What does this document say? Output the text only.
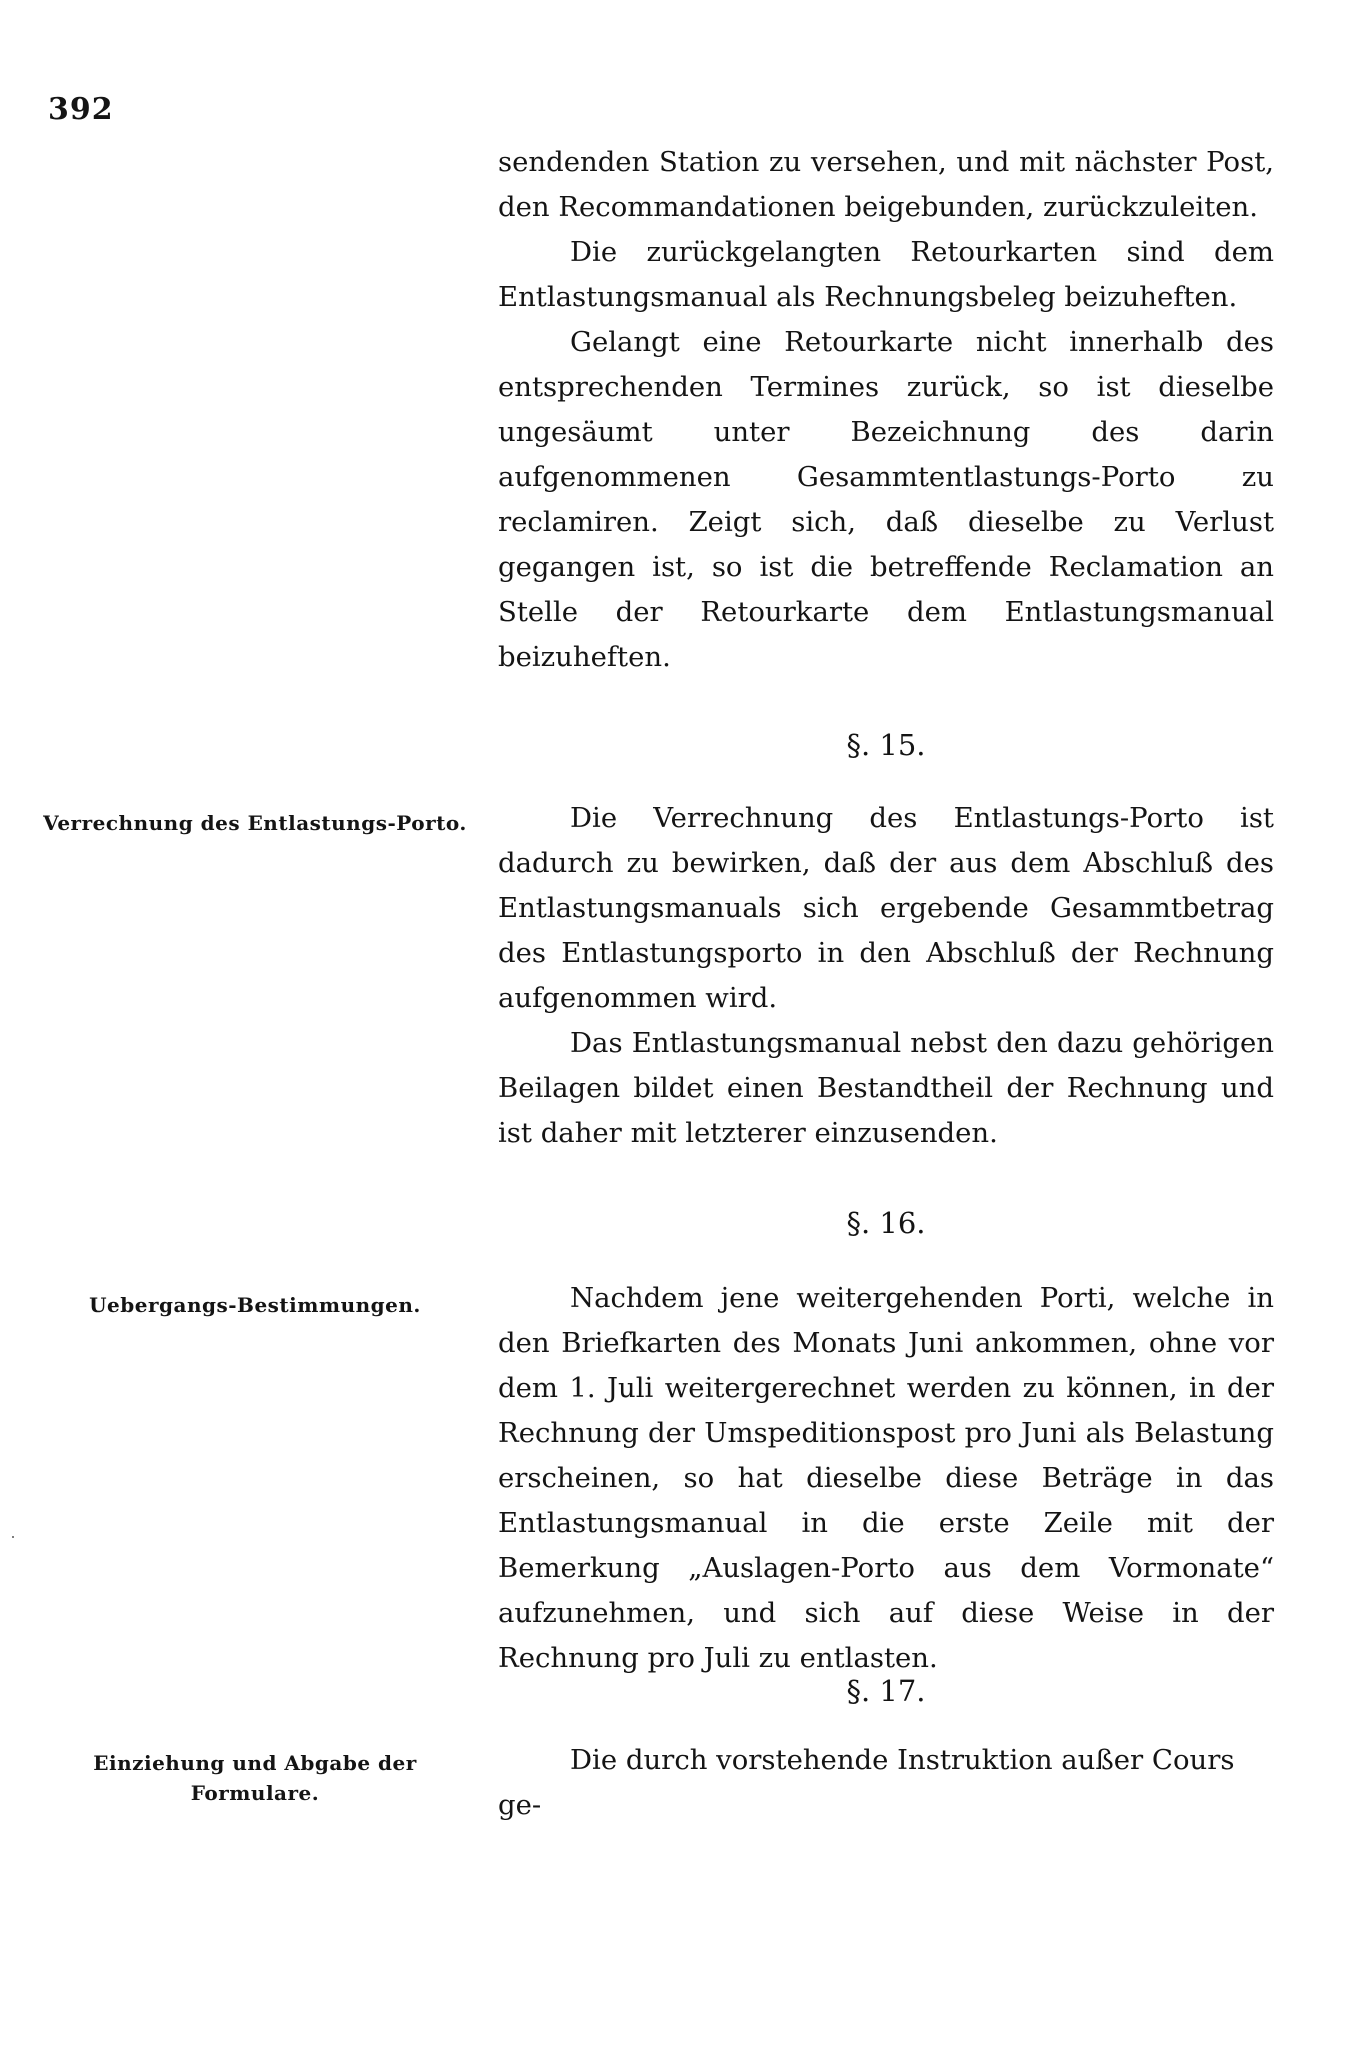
392

sendenden Station zu versehen, und mit nächster Post, den Recommandationen beigebunden, zurückzuleiten.

Die zurückgelangten Retourkarten sind dem Entlastungsmanual als Rechnungsbeleg beizuheften.

Gelangt eine Retourkarte nicht innerhalb des entsprechenden Termines zurück, so ist dieselbe ungesäumt unter Bezeichnung des darin aufgenommenen Gesammtentlastungs-Porto zu reclamiren. Zeigt sich, daß dieselbe zu Verlust gegangen ist, so ist die betreffende Reclamation an Stelle der Retourkarte dem Entlastungsmanual beizuheften.

§. 15.
Verrechnung des Entlastungs-Porto.	Die Verrechnung des Entlastungs-Porto ist dadurch zu bewirken, daß der aus dem Abschluß des Entlastungsmanuals sich ergebende Gesammtbetrag des Entlastungsporto in den Abschluß der Rechnung aufgenommen wird.

Das Entlastungsmanual nebst den dazu gehörigen Beilagen bildet einen Bestandtheil der Rechnung und ist daher mit letzterer einzusenden.

§. 16.
Uebergangs-Bestimmungen.	Nachdem jene weitergehenden Porti, welche in den Briefkarten des Monats Juni ankommen, ohne vor dem 1. Juli weitergerechnet werden zu können, in der Rechnung der Umspeditionspost pro Juni als Belastung erscheinen, so hat dieselbe diese Beträge in das Entlastungsmanual in die erste Zeile mit der Bemerkung „Auslagen-Porto aus dem Vormonate“ aufzunehmen, und sich auf diese Weise in der Rechnung pro Juli zu entlasten.

§. 17.
Einziehung und Abgabe der Formulare.

Die durch vorstehende Instruktion außer Cours ge-
